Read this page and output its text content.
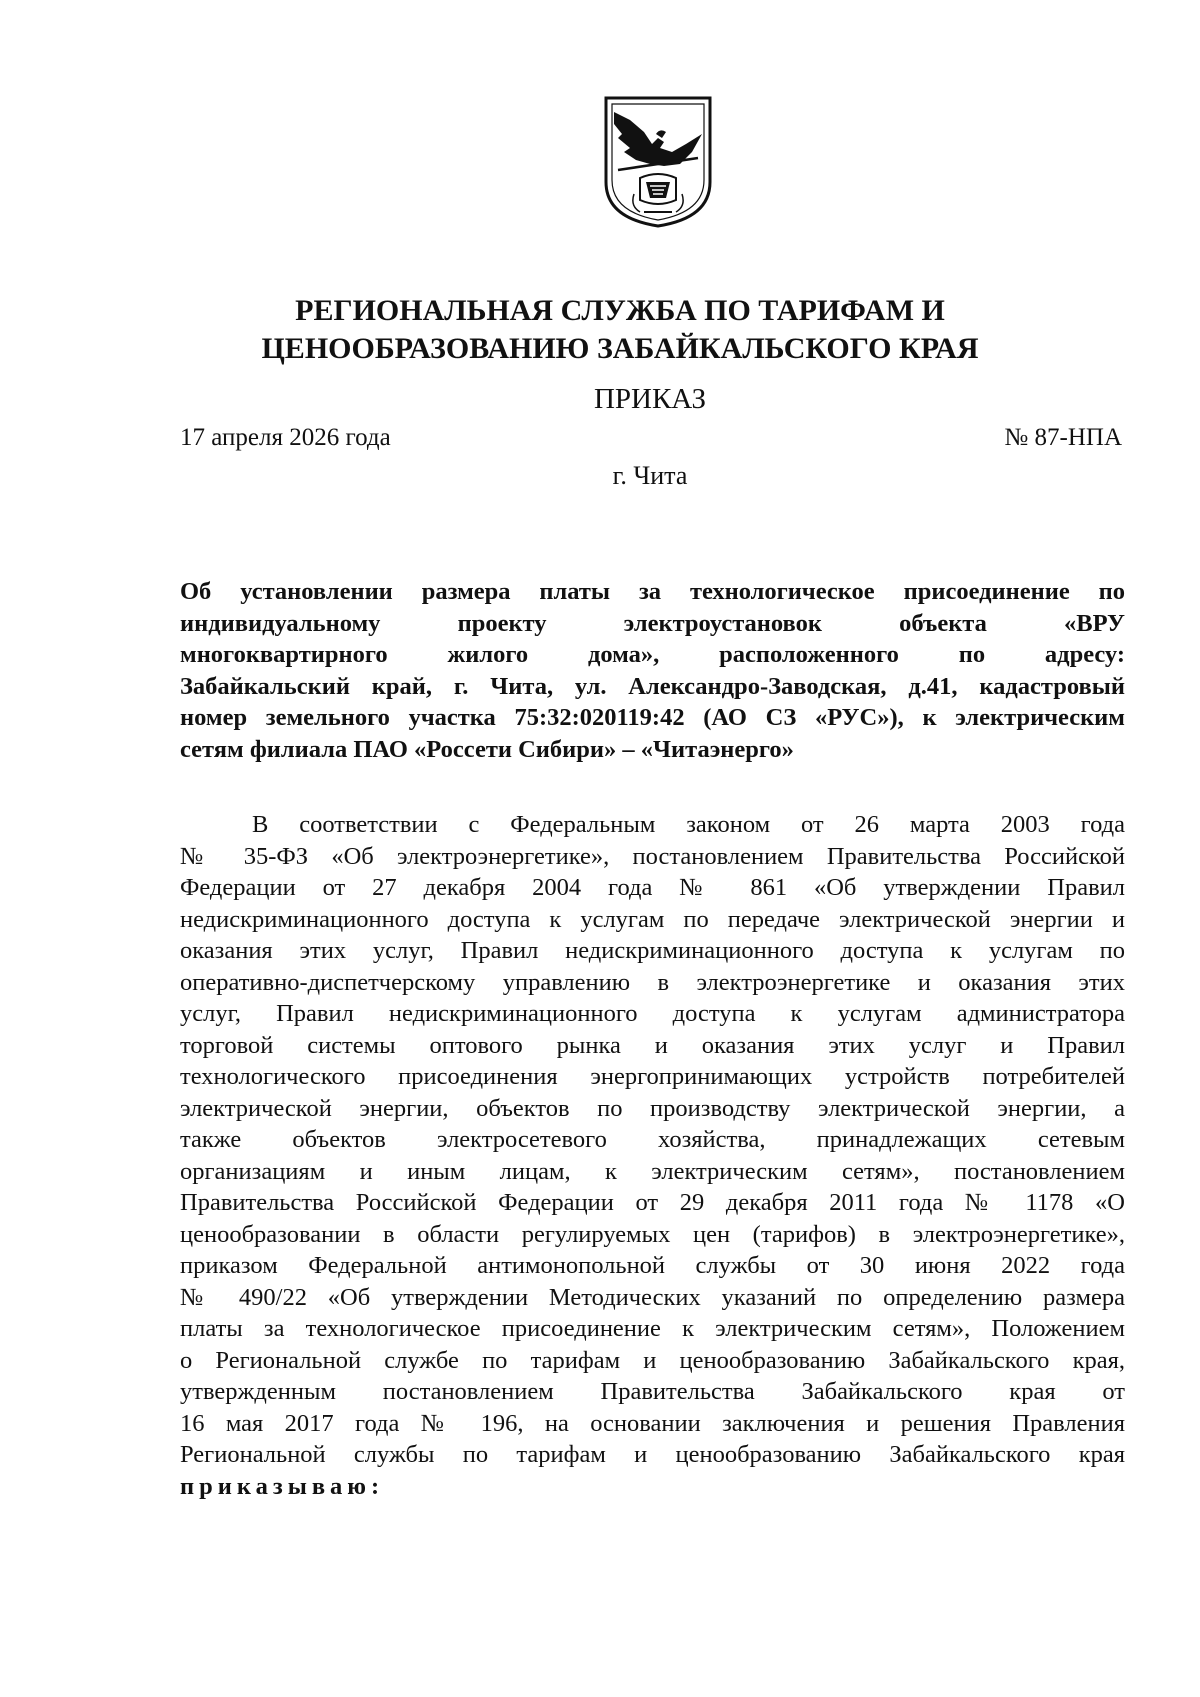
РЕГИОНАЛЬНАЯ СЛУЖБА ПО ТАРИФАМ И
ЦЕНООБРАЗОВАНИЮ ЗАБАЙКАЛЬСКОГО КРАЯ
ПРИКАЗ
17 апреля 2026 года	№ 87-НПА
г. Чита
Об установлении размера платы за технологическое присоединение по
индивидуальному проекту электроустановок объекта «ВРУ
многоквартирного жилого дома», расположенного по адресу:
Забайкальский край, г. Чита, ул. Александро-Заводская, д.41, кадастровый
номер земельного участка 75:32:020119:42 (АО СЗ «РУС»), к электрическим
сетям филиала ПАО «Россети Сибири» – «Читаэнерго»
В соответствии с Федеральным законом от 26 марта 2003 года
№ 35-ФЗ «Об электроэнергетике», постановлением Правительства Российской
Федерации от 27 декабря 2004 года № 861 «Об утверждении Правил
недискриминационного доступа к услугам по передаче электрической энергии и
оказания этих услуг, Правил недискриминационного доступа к услугам по
оперативно-диспетчерскому управлению в электроэнергетике и оказания этих
услуг, Правил недискриминационного доступа к услугам администратора
торговой системы оптового рынка и оказания этих услуг и Правил
технологического присоединения энергопринимающих устройств потребителей
электрической энергии, объектов по производству электрической энергии, а
также объектов электросетевого хозяйства, принадлежащих сетевым
организациям и иным лицам, к электрическим сетям», постановлением
Правительства Российской Федерации от 29 декабря 2011 года № 1178 «О
ценообразовании в области регулируемых цен (тарифов) в электроэнергетике»,
приказом Федеральной антимонопольной службы от 30 июня 2022 года
№ 490/22 «Об утверждении Методических указаний по определению размера
платы за технологическое присоединение к электрическим сетям», Положением
о Региональной службе по тарифам и ценообразованию Забайкальского края,
утвержденным постановлением Правительства Забайкальского края от
16 мая 2017 года № 196, на основании заключения и решения Правления
Региональной службы по тарифам и ценообразованию Забайкальского края
приказываю:
